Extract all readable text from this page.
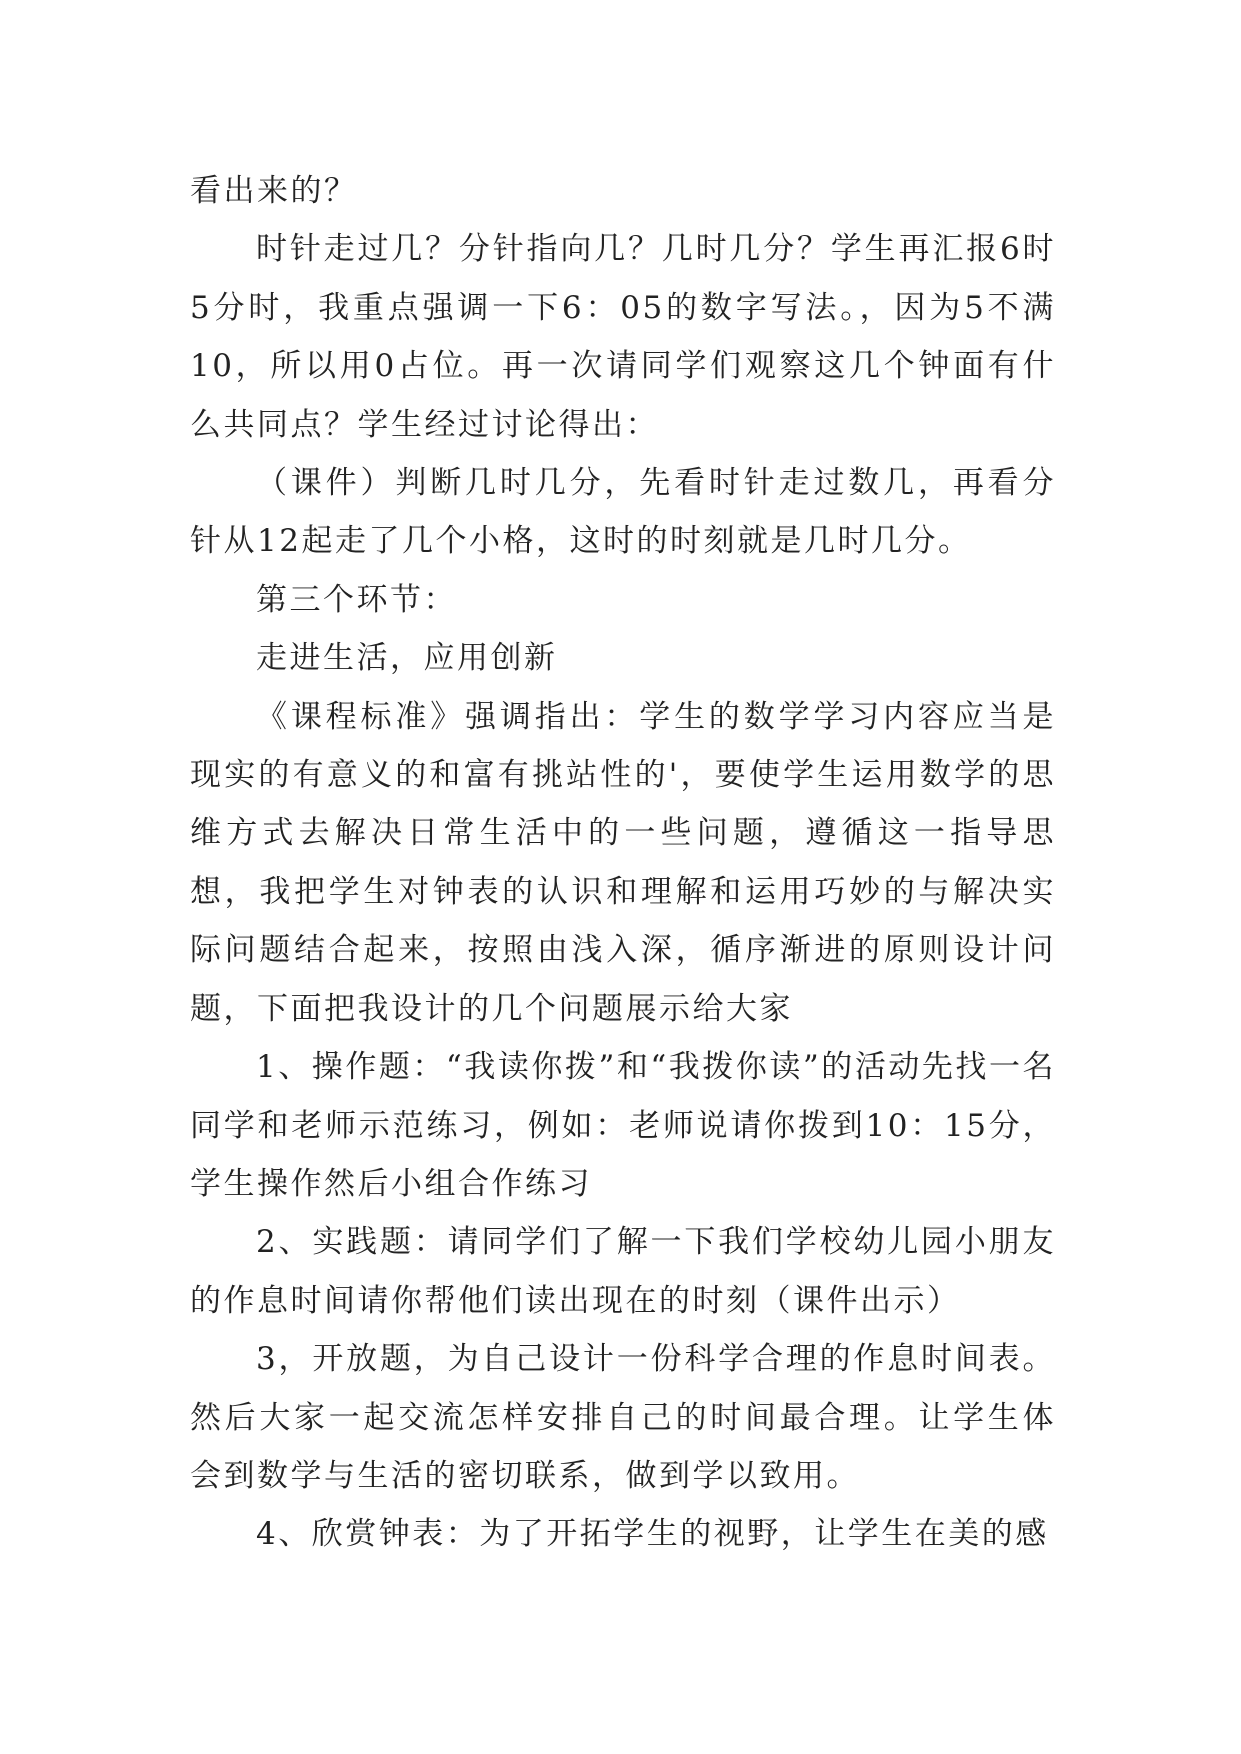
看出来的？

时针走过几？分针指向几？几时几分？学生再汇报6时5分时，我重点强调一下6：05的数字写法。，因为5不满10，所以用0占位。再一次请同学们观察这几个钟面有什么共同点？学生经过讨论得出：

（课件）判断几时几分，先看时针走过数几，再看分针从12起走了几个小格，这时的时刻就是几时几分。

第三个环节：

走进生活，应用创新

《课程标准》强调指出：学生的数学学习内容应当是现实的有意义的和富有挑站性的'，要使学生运用数学的思维方式去解决日常生活中的一些问题，遵循这一指导思想，我把学生对钟表的认识和理解和运用巧妙的与解决实际问题结合起来，按照由浅入深，循序渐进的原则设计问题，下面把我设计的几个问题展示给大家

1、操作题：“我读你拨”和“我拨你读”的活动先找一名同学和老师示范练习，例如：老师说请你拨到10：15分，学生操作然后小组合作练习

2、实践题：请同学们了解一下我们学校幼儿园小朋友的作息时间请你帮他们读出现在的时刻（课件出示）

3，开放题，为自己设计一份科学合理的作息时间表。然后大家一起交流怎样安排自己的时间最合理。让学生体会到数学与生活的密切联系，做到学以致用。

4、欣赏钟表：为了开拓学生的视野，让学生在美的感
